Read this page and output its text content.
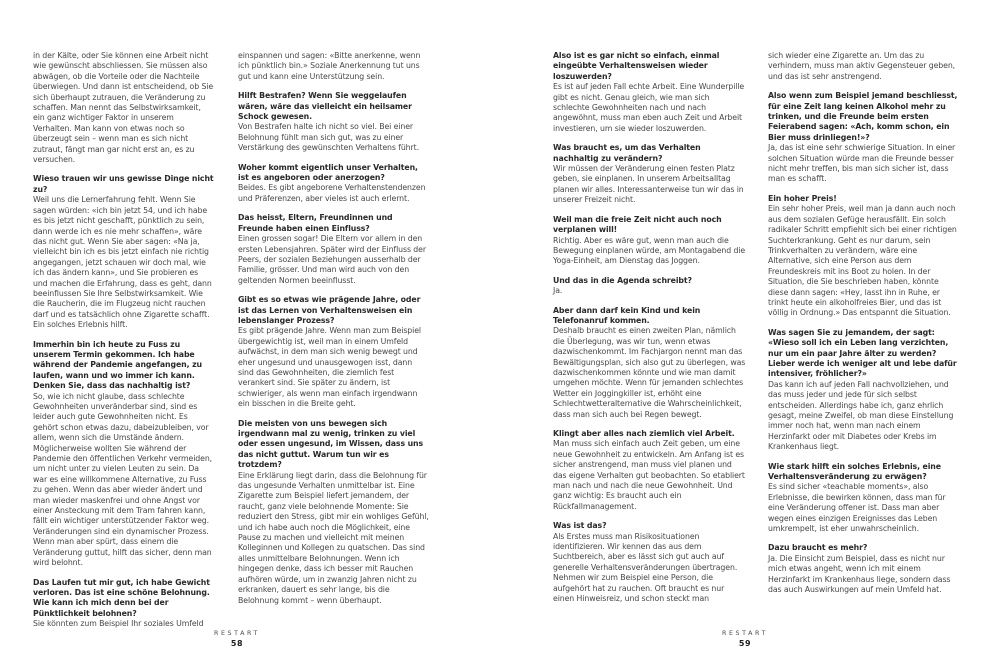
in der Kälte, oder Sie können eine Arbeit nicht wie gewünscht abschliessen. Sie müssen also abwägen, ob die Vorteile oder die Nachteile überwiegen. Und dann ist entscheidend, ob Sie sich überhaupt zutrauen, die Veränderung zu schaffen. Man nennt das Selbstwirksamkeit, ein ganz wichtiger Faktor in unserem Verhalten. Man kann von etwas noch so überzeugt sein – wenn man es sich nicht zutraut, fängt man gar nicht erst an, es zu versuchen.

Wieso trauen wir uns gewisse Dinge nicht zu?

Weil uns die Lernerfahrung fehlt. Wenn Sie sagen würden: «ich bin jetzt 54, und ich habe es bis jetzt nicht geschafft, pünktlich zu sein, dann werde ich es nie mehr schaffen», wäre das nicht gut. Wenn Sie aber sagen: «Na ja, vielleicht bin ich es bis jetzt einfach nie richtig angegangen, jetzt schauen wir doch mal, wie ich das ändern kann», und Sie probieren es und machen die Erfahrung, dass es geht, dann beeinflussen Sie Ihre Selbstwirksamkeit. Wie die Raucherin, die im Flugzeug nicht rauchen darf und es tatsächlich ohne Zigarette schafft. Ein solches Erlebnis hilft.

Immerhin bin ich heute zu Fuss zu unserem Termin gekommen. Ich habe während der Pandemie angefangen, zu laufen, wann und wo immer ich kann. Denken Sie, dass das nachhaltig ist?

So, wie ich nicht glaube, dass schlechte Gewohnheiten unveränderbar sind, sind es leider auch gute Gewohnheiten nicht. Es gehört schon etwas dazu, dabeizubleiben, vor allem, wenn sich die Umstände ändern. Möglicherweise wollten Sie während der Pandemie den öffentlichen Verkehr vermeiden, um nicht unter zu vielen Leuten zu sein. Da war es eine willkommene Alternative, zu Fuss zu gehen. Wenn das aber wieder ändert und man wieder maskenfrei und ohne Angst vor einer Ansteckung mit dem Tram fahren kann, fällt ein wichtiger unterstützender Faktor weg. Veränderungen sind ein dynamischer Prozess. Wenn man aber spürt, dass einem die Veränderung guttut, hilft das sicher, denn man wird belohnt.

Das Laufen tut mir gut, ich habe Gewicht verloren. Das ist eine schöne Belohnung. Wie kann ich mich denn bei der Pünktlichkeit belohnen?

Sie könnten zum Beispiel Ihr soziales Umfeld

einspannen und sagen: «Bitte anerkenne, wenn ich pünktlich bin.» Soziale Anerkennung tut uns gut und kann eine Unterstützung sein.

Hilft Bestrafen? Wenn Sie weggelaufen wären, wäre das vielleicht ein heilsamer Schock gewesen.

Von Bestrafen halte ich nicht so viel. Bei einer Belohnung fühlt man sich gut, was zu einer Verstärkung des gewünschten Verhaltens führt.

Woher kommt eigentlich unser Verhalten, ist es angeboren oder anerzogen?

Beides. Es gibt angeborene Verhaltenstendenzen und Präferenzen, aber vieles ist auch erlernt.

Das heisst, Eltern, Freundinnen und Freunde haben einen Einfluss?

Einen grossen sogar! Die Eltern vor allem in den ersten Lebensjahren. Später wird der Einfluss der Peers, der sozialen Beziehungen ausserhalb der Familie, grösser. Und man wird auch von den geltenden Normen beeinflusst.

Gibt es so etwas wie prägende Jahre, oder ist das Lernen von Verhaltensweisen ein lebenslanger Prozess?

Es gibt prägende Jahre. Wenn man zum Beispiel übergewichtig ist, weil man in einem Umfeld aufwächst, in dem man sich wenig bewegt und eher ungesund und unausgewogen isst, dann sind das Gewohnheiten, die ziemlich fest verankert sind. Sie später zu ändern, ist schwieriger, als wenn man einfach irgendwann ein bisschen in die Breite geht.

Die meisten von uns bewegen sich irgendwann mal zu wenig, trinken zu viel oder essen ungesund, im Wissen, dass uns das nicht guttut. Warum tun wir es trotzdem?

Eine Erklärung liegt darin, dass die Belohnung für das ungesunde Verhalten unmittelbar ist. Eine Zigarette zum Beispiel liefert jemandem, der raucht, ganz viele belohnende Momente: Sie reduziert den Stress, gibt mir ein wohliges Gefühl, und ich habe auch noch die Möglichkeit, eine Pause zu machen und vielleicht mit meinen Kolleginnen und Kollegen zu quatschen. Das sind alles unmittelbare Belohnungen. Wenn ich hingegen denke, dass ich besser mit Rauchen aufhören würde, um in zwanzig Jahren nicht zu erkranken, dauert es sehr lange, bis die Belohnung kommt – wenn überhaupt.

RESTART
58

Also ist es gar nicht so einfach, einmal eingeübte Verhaltensweisen wieder loszuwerden?

Es ist auf jeden Fall echte Arbeit. Eine Wunderpille gibt es nicht. Genau gleich, wie man sich schlechte Gewohnheiten nach und nach angewöhnt, muss man eben auch Zeit und Arbeit investieren, um sie wieder loszuwerden.

Was braucht es, um das Verhalten nachhaltig zu verändern?

Wir müssen der Veränderung einen festen Platz geben, sie einplanen. In unserem Arbeitsalltag planen wir alles. Interessanterweise tun wir das in unserer Freizeit nicht.

Weil man die freie Zeit nicht auch noch verplanen will!

Richtig. Aber es wäre gut, wenn man auch die Bewegung einplanen würde, am Montagabend die Yoga-Einheit, am Dienstag das Joggen.

Und das in die Agenda schreibt?

Ja.

Aber dann darf kein Kind und kein Telefonanruf kommen.

Deshalb braucht es einen zweiten Plan, nämlich die Überlegung, was wir tun, wenn etwas dazwischenkommt. Im Fachjargon nennt man das Bewältigungsplan, sich also gut zu überlegen, was dazwischenkommen könnte und wie man damit umgehen möchte. Wenn für jemanden schlechtes Wetter ein Joggingkiller ist, erhöht eine Schlechtwetteralternative die Wahrscheinlichkeit, dass man sich auch bei Regen bewegt.

Klingt aber alles nach ziemlich viel Arbeit.

Man muss sich einfach auch Zeit geben, um eine neue Gewohnheit zu entwickeln. Am Anfang ist es sicher anstrengend, man muss viel planen und das eigene Verhalten gut beobachten. So etabliert man nach und nach die neue Gewohnheit. Und ganz wichtig: Es braucht auch ein Rückfallmanagement.

Was ist das?

Als Erstes muss man Risikosituationen identifizieren. Wir kennen das aus dem Suchtbereich, aber es lässt sich gut auch auf generelle Verhaltensveränderungen übertragen. Nehmen wir zum Beispiel eine Person, die aufgehört hat zu rauchen. Oft braucht es nur einen Hinweisreiz, und schon steckt man

sich wieder eine Zigarette an. Um das zu verhindern, muss man aktiv Gegensteuer geben, und das ist sehr anstrengend.

Also wenn zum Beispiel jemand beschliesst, für eine Zeit lang keinen Alkohol mehr zu trinken, und die Freunde beim ersten Feierabend sagen: «Ach, komm schon, ein Bier muss drinliegen!»?

Ja, das ist eine sehr schwierige Situation. In einer solchen Situation würde man die Freunde besser nicht mehr treffen, bis man sich sicher ist, dass man es schafft.

Ein hoher Preis!

Ein sehr hoher Preis, weil man ja dann auch noch aus dem sozialen Gefüge herausfällt. Ein solch radikaler Schritt empfiehlt sich bei einer richtigen Suchterkrankung. Geht es nur darum, sein Trinkverhalten zu verändern, wäre eine Alternative, sich eine Person aus dem Freundeskreis mit ins Boot zu holen. In der Situation, die Sie beschrieben haben, könnte diese dann sagen: «Hey, lasst ihn in Ruhe, er trinkt heute ein alkoholfreies Bier, und das ist völlig in Ordnung.» Das entspannt die Situation.

Was sagen Sie zu jemandem, der sagt: «Wieso soll ich ein Leben lang verzichten, nur um ein paar Jahre älter zu werden? Lieber werde ich weniger alt und lebe dafür intensiver, fröhlicher?»

Das kann ich auf jeden Fall nachvollziehen, und das muss jeder und jede für sich selbst entscheiden. Allerdings habe ich, ganz ehrlich gesagt, meine Zweifel, ob man diese Einstellung immer noch hat, wenn man nach einem Herzinfarkt oder mit Diabetes oder Krebs im Krankenhaus liegt.

Wie stark hilft ein solches Erlebnis, eine Verhaltensveränderung zu erwägen?

Es sind sicher «teachable moments», also Erlebnisse, die bewirken können, dass man für eine Veränderung offener ist. Dass man aber wegen eines einzigen Ereignisses das Leben umkrempelt, ist eher unwahrscheinlich.

Dazu braucht es mehr?

Ja. Die Einsicht zum Beispiel, dass es nicht nur mich etwas angeht, wenn ich mit einem Herzinfarkt im Krankenhaus liege, sondern dass das auch Auswirkungen auf mein Umfeld hat.

RESTART
59
